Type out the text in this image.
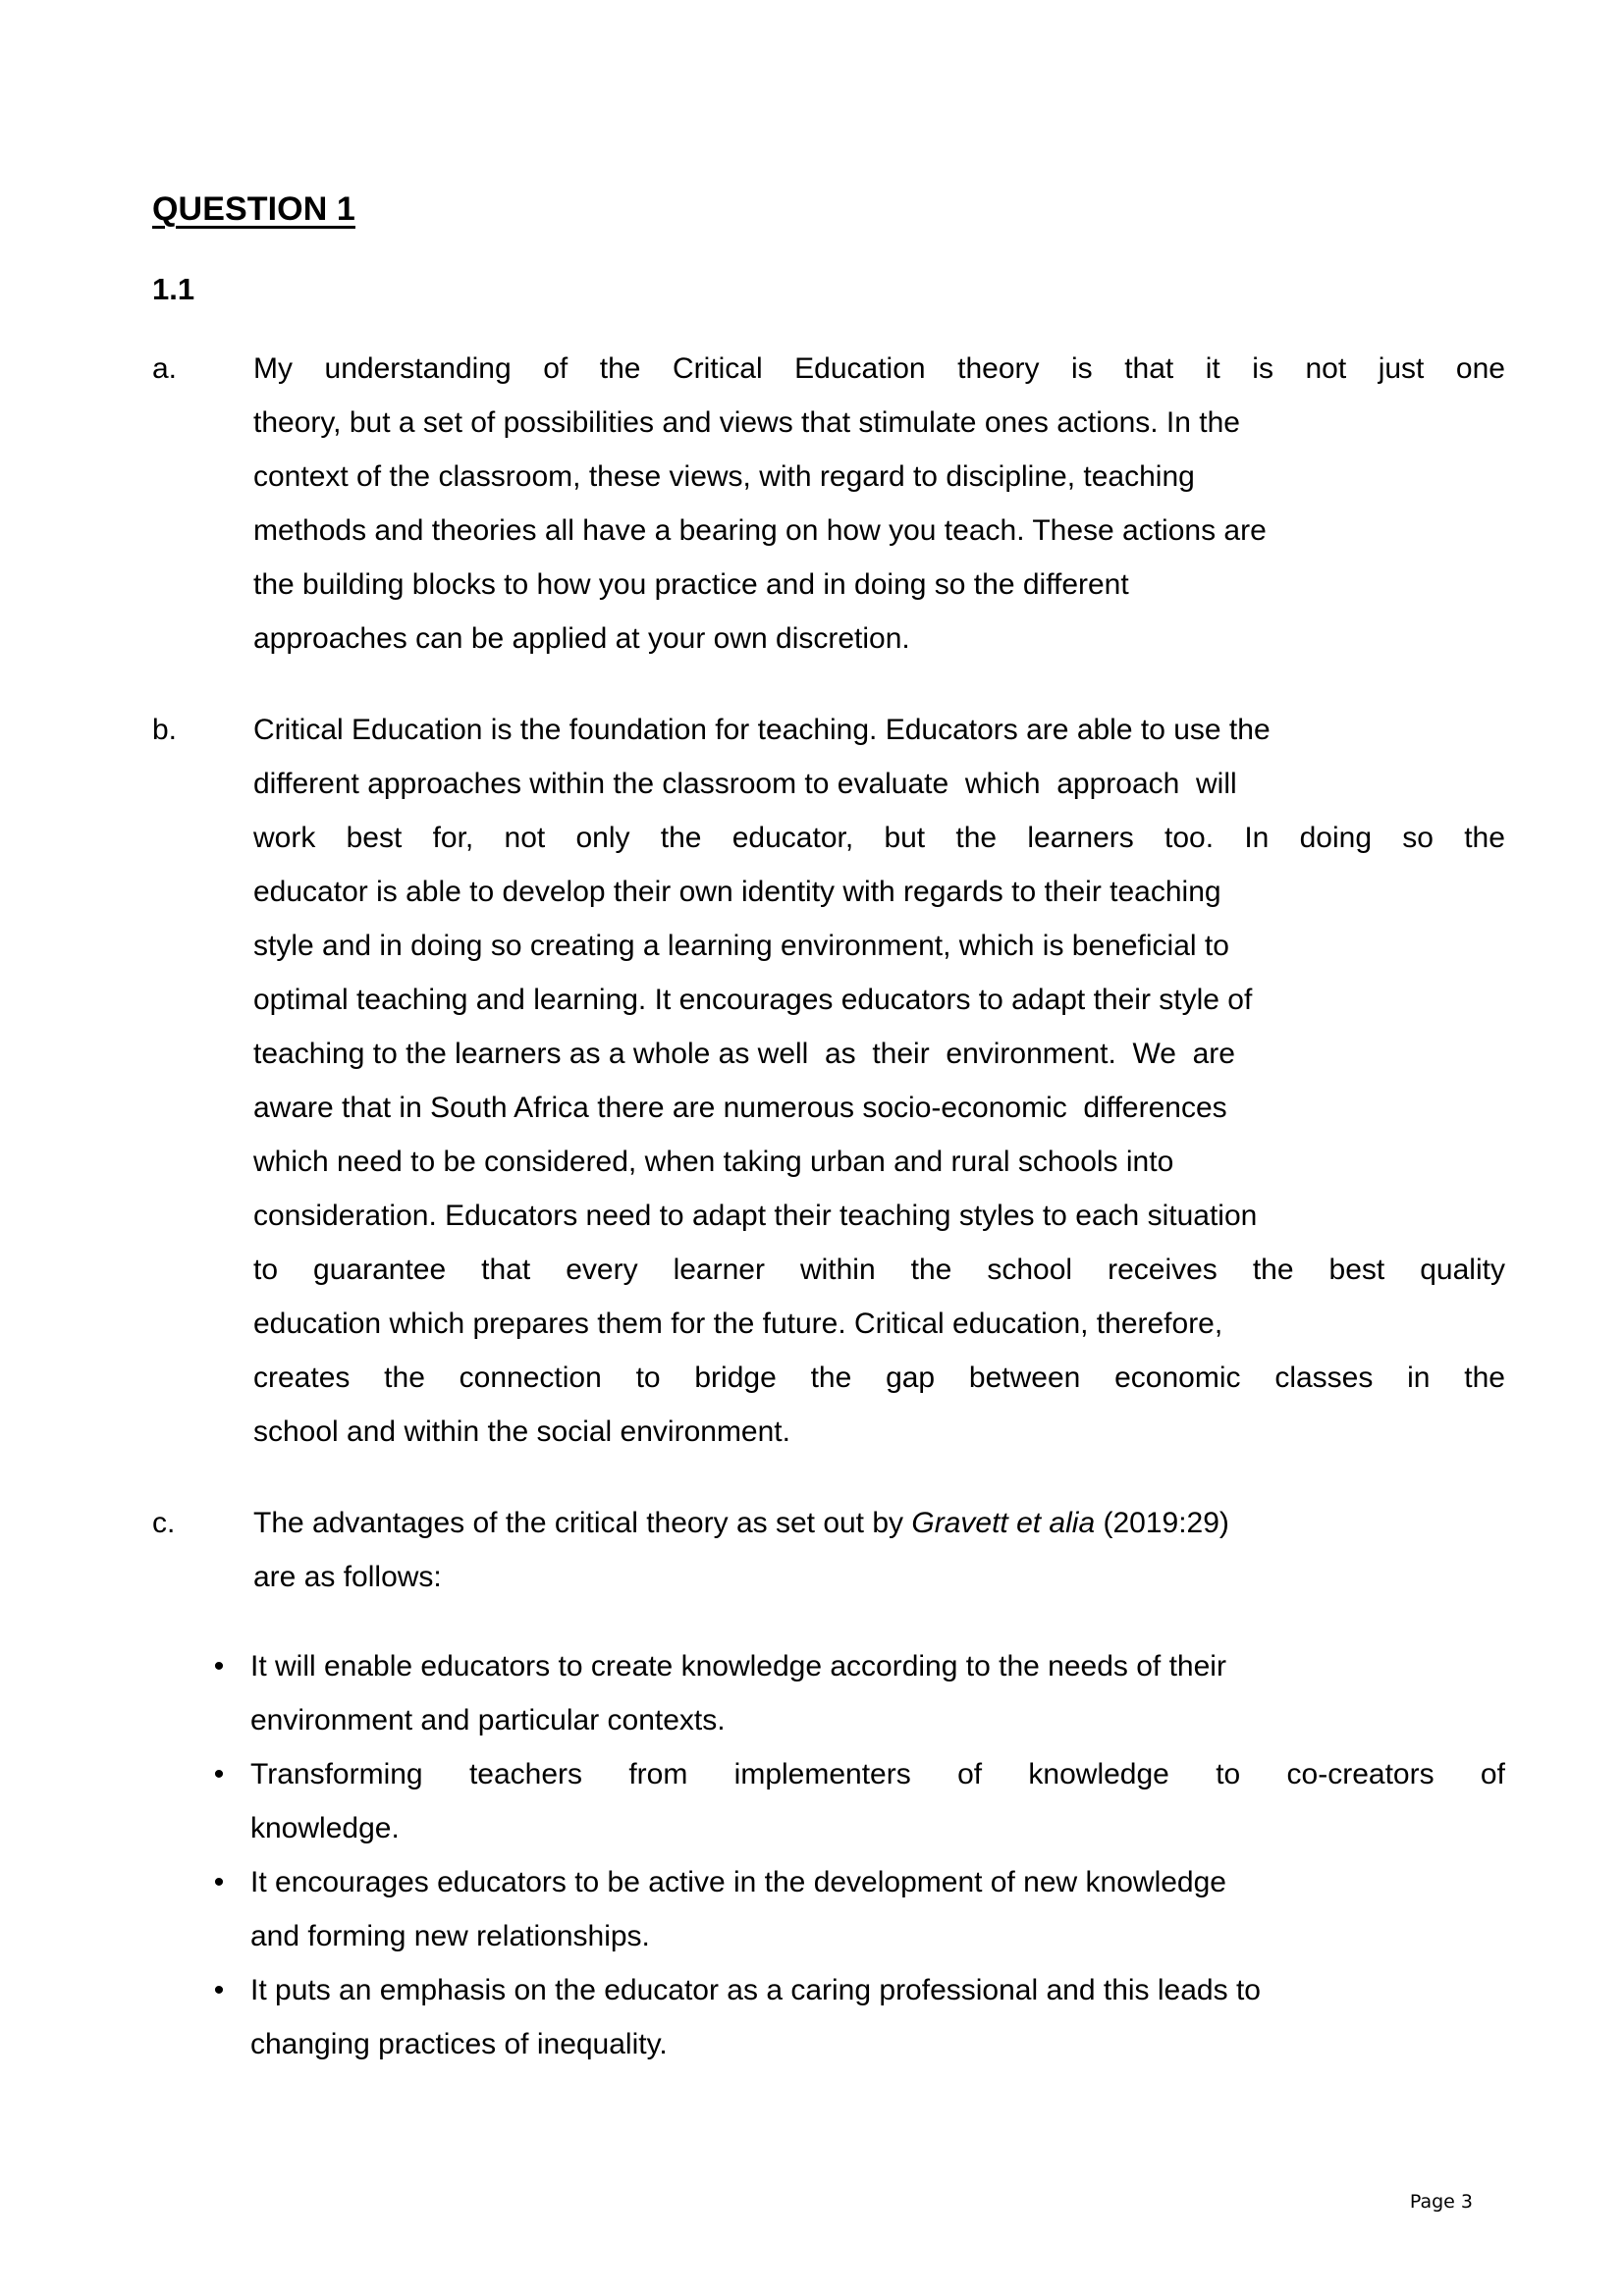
QUESTION 1
1.1
a.	My understanding of the Critical Education theory is that it is not just one
theory, but a set of possibilities and views that stimulate ones actions. In the
context of the classroom, these views, with regard to discipline, teaching
methods and theories all have a bearing on how you teach. These actions are
the building blocks to how you practice and in doing so the different
approaches can be applied at your own discretion.
b.	Critical Education is the foundation for teaching. Educators are able to use the
different approaches within the classroom to evaluate  which  approach  will
work best for, not only the educator, but the learners too. In doing so the
educator is able to develop their own identity with regards to their teaching
style and in doing so creating a learning environment, which is beneficial to
optimal teaching and learning. It encourages educators to adapt their style of
teaching to the learners as a whole as well  as  their  environment.  We  are
aware that in South Africa there are numerous socio-economic  differences
which need to be considered, when taking urban and rural schools into
consideration. Educators need to adapt their teaching styles to each situation
to guarantee that every learner within the school receives the best quality
education which prepares them for the future. Critical education, therefore,
creates the connection to bridge the gap between economic classes in the
school and within the social environment.
c.	The advantages of the critical theory as set out by Gravett et alia (2019:29)
are as follows:
• It will enable educators to create knowledge according to the needs of their
environment and particular contexts.
• Transforming teachers from implementers of knowledge to co-creators of
knowledge.
• It encourages educators to be active in the development of new knowledge
and forming new relationships.
• It puts an emphasis on the educator as a caring professional and this leads to
changing practices of inequality.
Page 3
